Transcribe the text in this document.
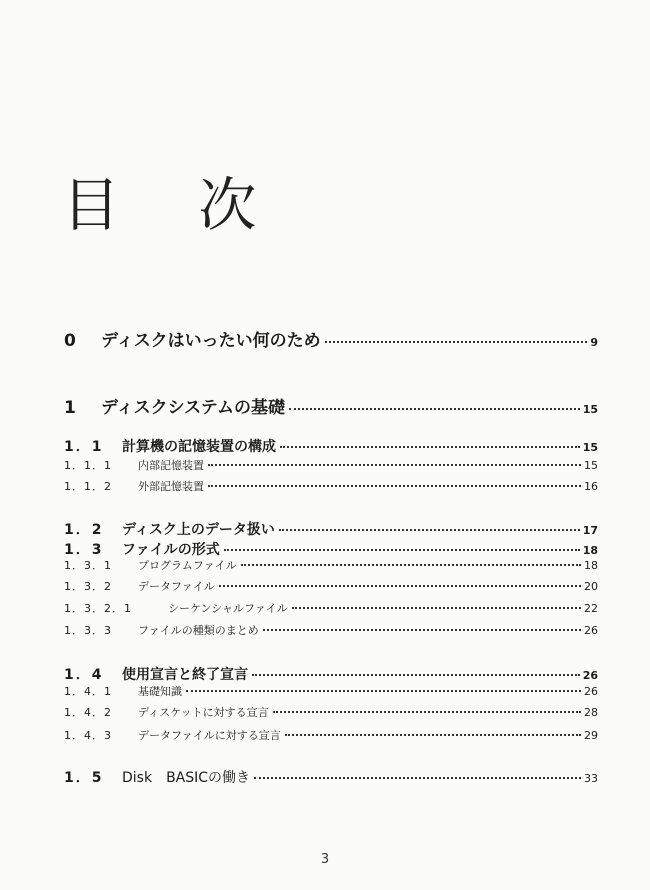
目 次
0	ディスクはいったい何のため	9
1	ディスクシステムの基礎	15
1．1	計算機の記憶装置の構成	15
1．1．1	内部記憶装置	15
1．1．2	外部記憶装置	16
1．2	ディスク上のデータ扱い	17
1．3	ファイルの形式	18
1．3．1	プログラムファイル	18
1．3．2	データファイル	20
1．3．2．1	シーケンシャルファイル	22
1．3．3	ファイルの種類のまとめ	26
1．4	使用宣言と終了宣言	26
1．4．1	基礎知識	26
1．4．2	ディスケットに対する宣言	28
1．4．3	データファイルに対する宣言	29
1．5	Disk　BASICの働き	33
3
